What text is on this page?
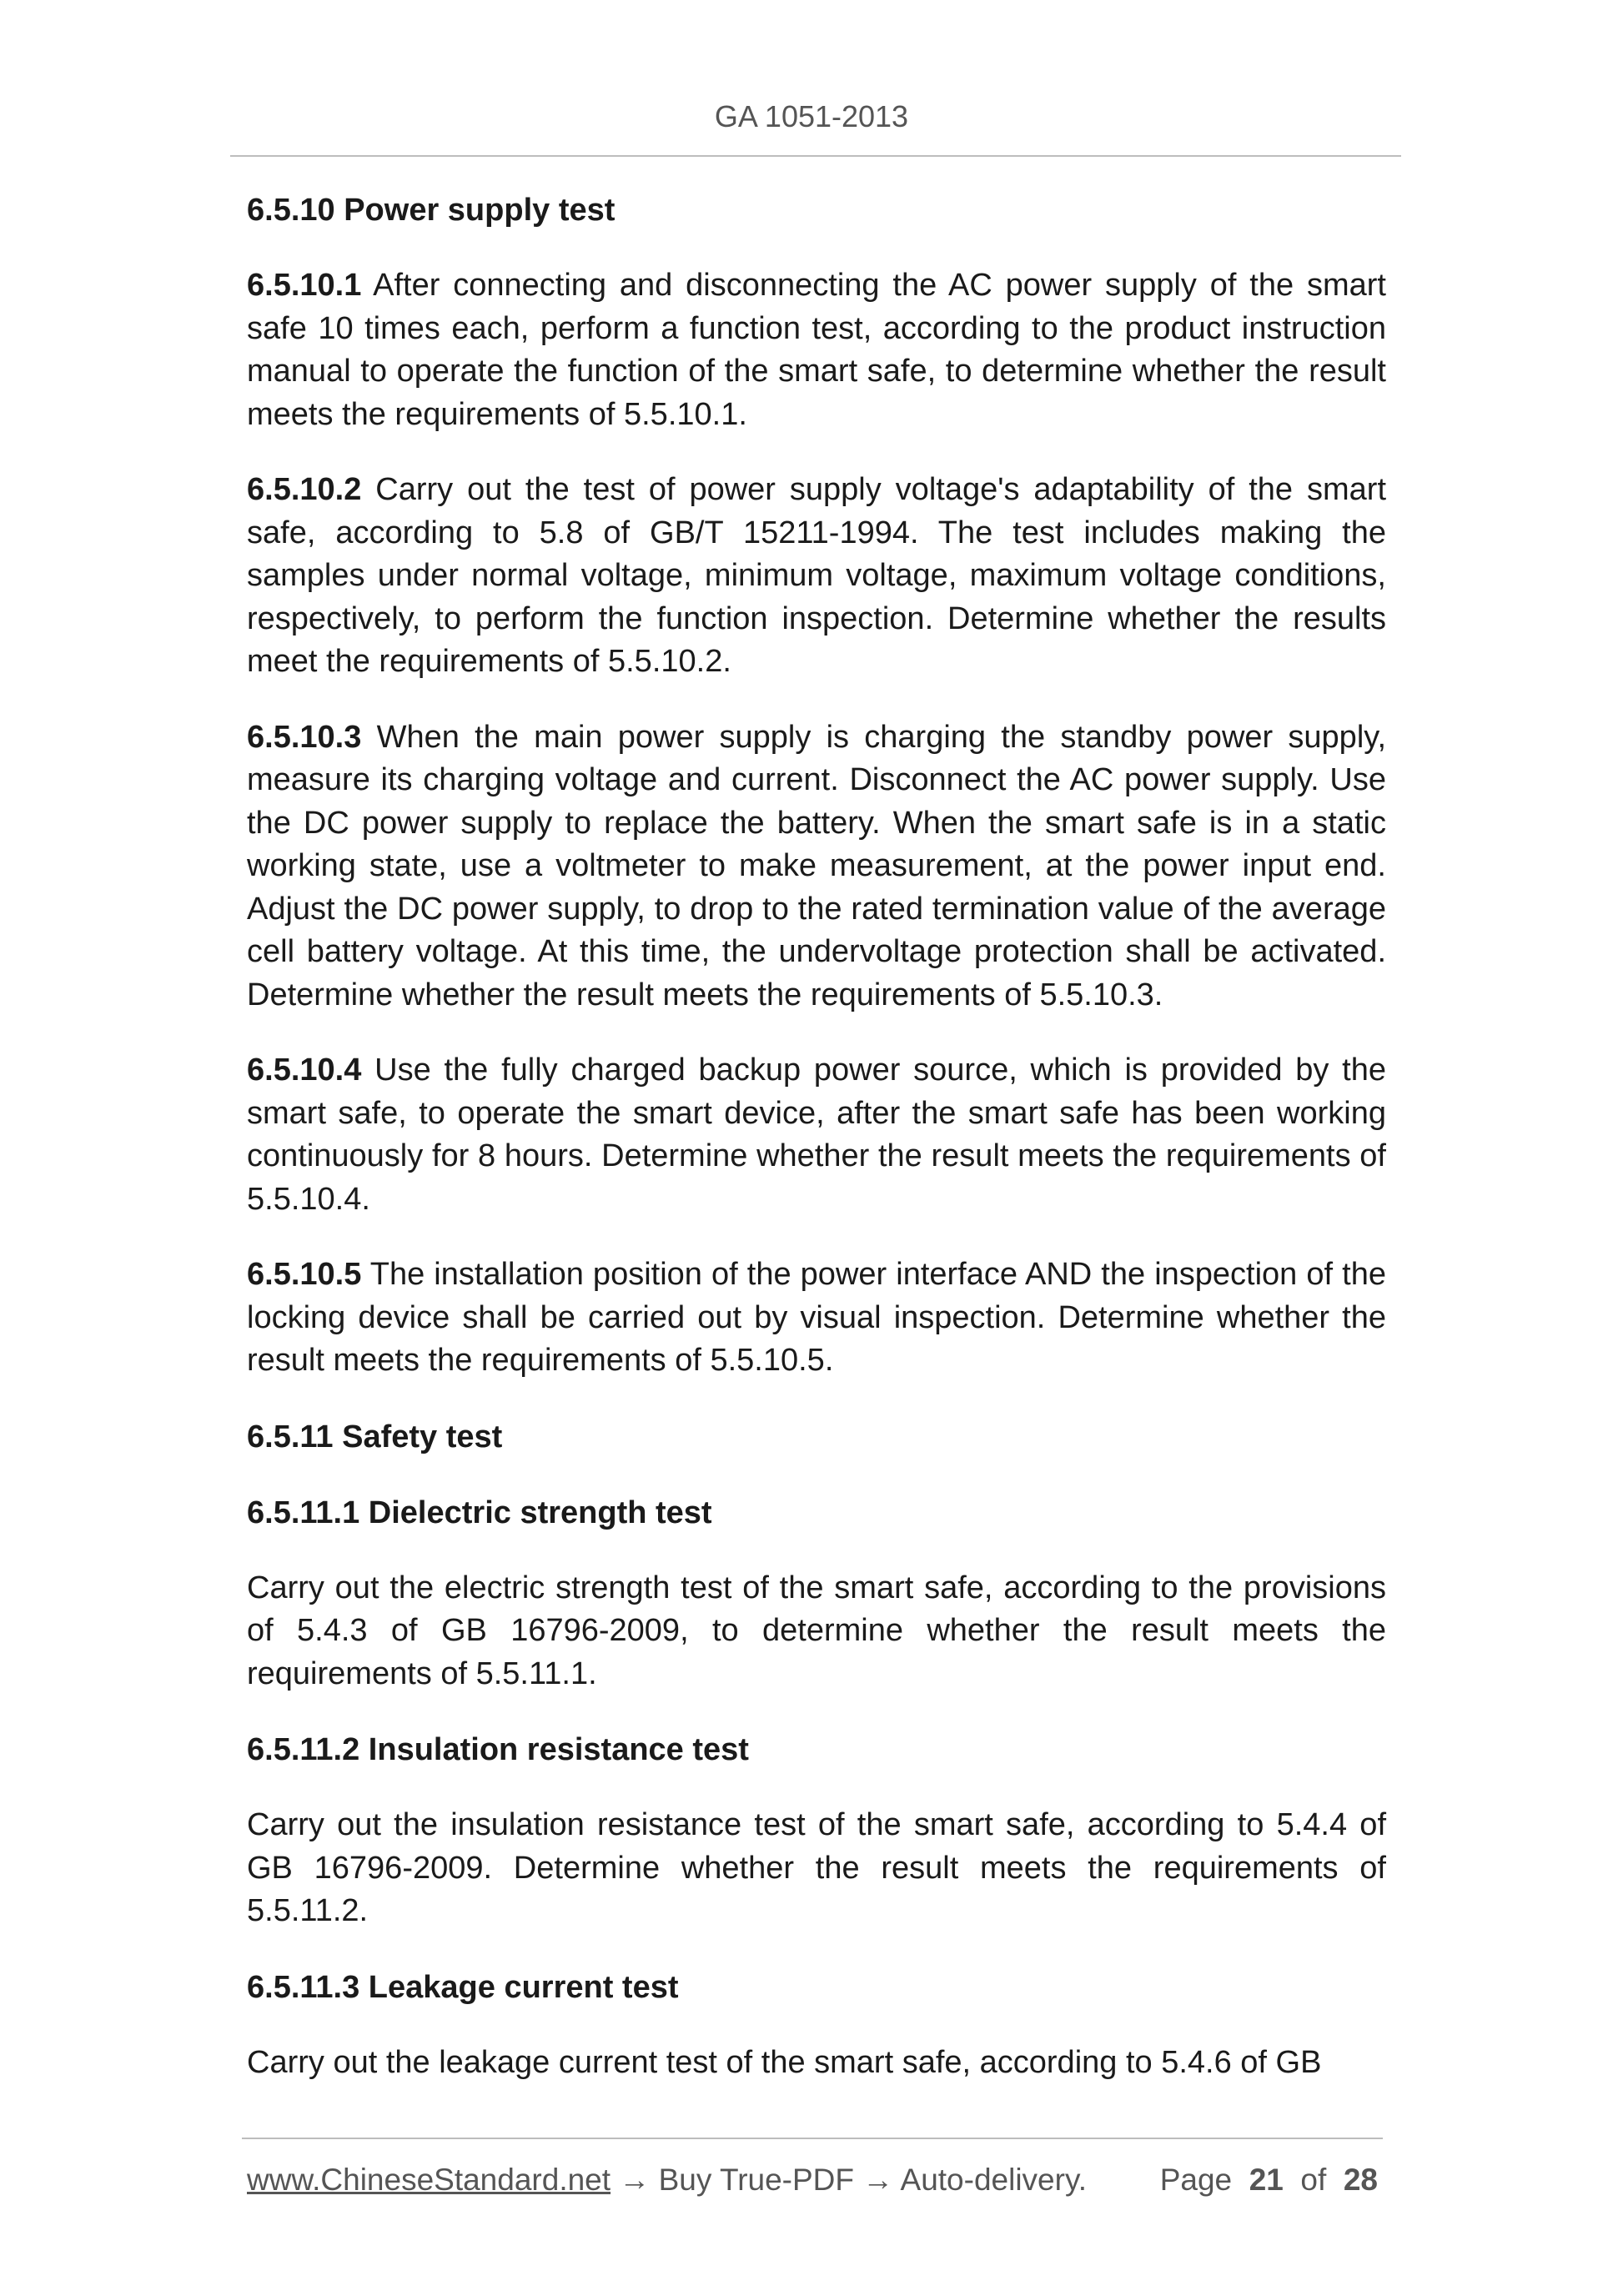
GA 1051-2013
6.5.10 Power supply test

6.5.10.1 After connecting and disconnecting the AC power supply of the smart safe 10 times each, perform a function test, according to the product instruction manual to operate the function of the smart safe, to determine whether the result meets the requirements of 5.5.10.1.

6.5.10.2 Carry out the test of power supply voltage's adaptability of the smart safe, according to 5.8 of GB/T 15211-1994. The test includes making the samples under normal voltage, minimum voltage, maximum voltage conditions, respectively, to perform the function inspection. Determine whether the results meet the requirements of 5.5.10.2.

6.5.10.3 When the main power supply is charging the standby power supply, measure its charging voltage and current. Disconnect the AC power supply. Use the DC power supply to replace the battery. When the smart safe is in a static working state, use a voltmeter to make measurement, at the power input end. Adjust the DC power supply, to drop to the rated termination value of the average cell battery voltage. At this time, the undervoltage protection shall be activated. Determine whether the result meets the requirements of 5.5.10.3.

6.5.10.4 Use the fully charged backup power source, which is provided by the smart safe, to operate the smart device, after the smart safe has been working continuously for 8 hours. Determine whether the result meets the requirements of 5.5.10.4.

6.5.10.5 The installation position of the power interface AND the inspection of the locking device shall be carried out by visual inspection. Determine whether the result meets the requirements of 5.5.10.5.

6.5.11 Safety test
6.5.11.1 Dielectric strength test

Carry out the electric strength test of the smart safe, according to the provisions of 5.4.3 of GB 16796-2009, to determine whether the result meets the requirements of 5.5.11.1.

6.5.11.2 Insulation resistance test

Carry out the insulation resistance test of the smart safe, according to 5.4.4 of GB 16796-2009. Determine whether the result meets the requirements of 5.5.11.2.

6.5.11.3 Leakage current test

Carry out the leakage current test of the smart safe, according to 5.4.6 of GB

www.ChineseStandard.net → Buy True-PDF → Auto-delivery. Page 21 of 28
